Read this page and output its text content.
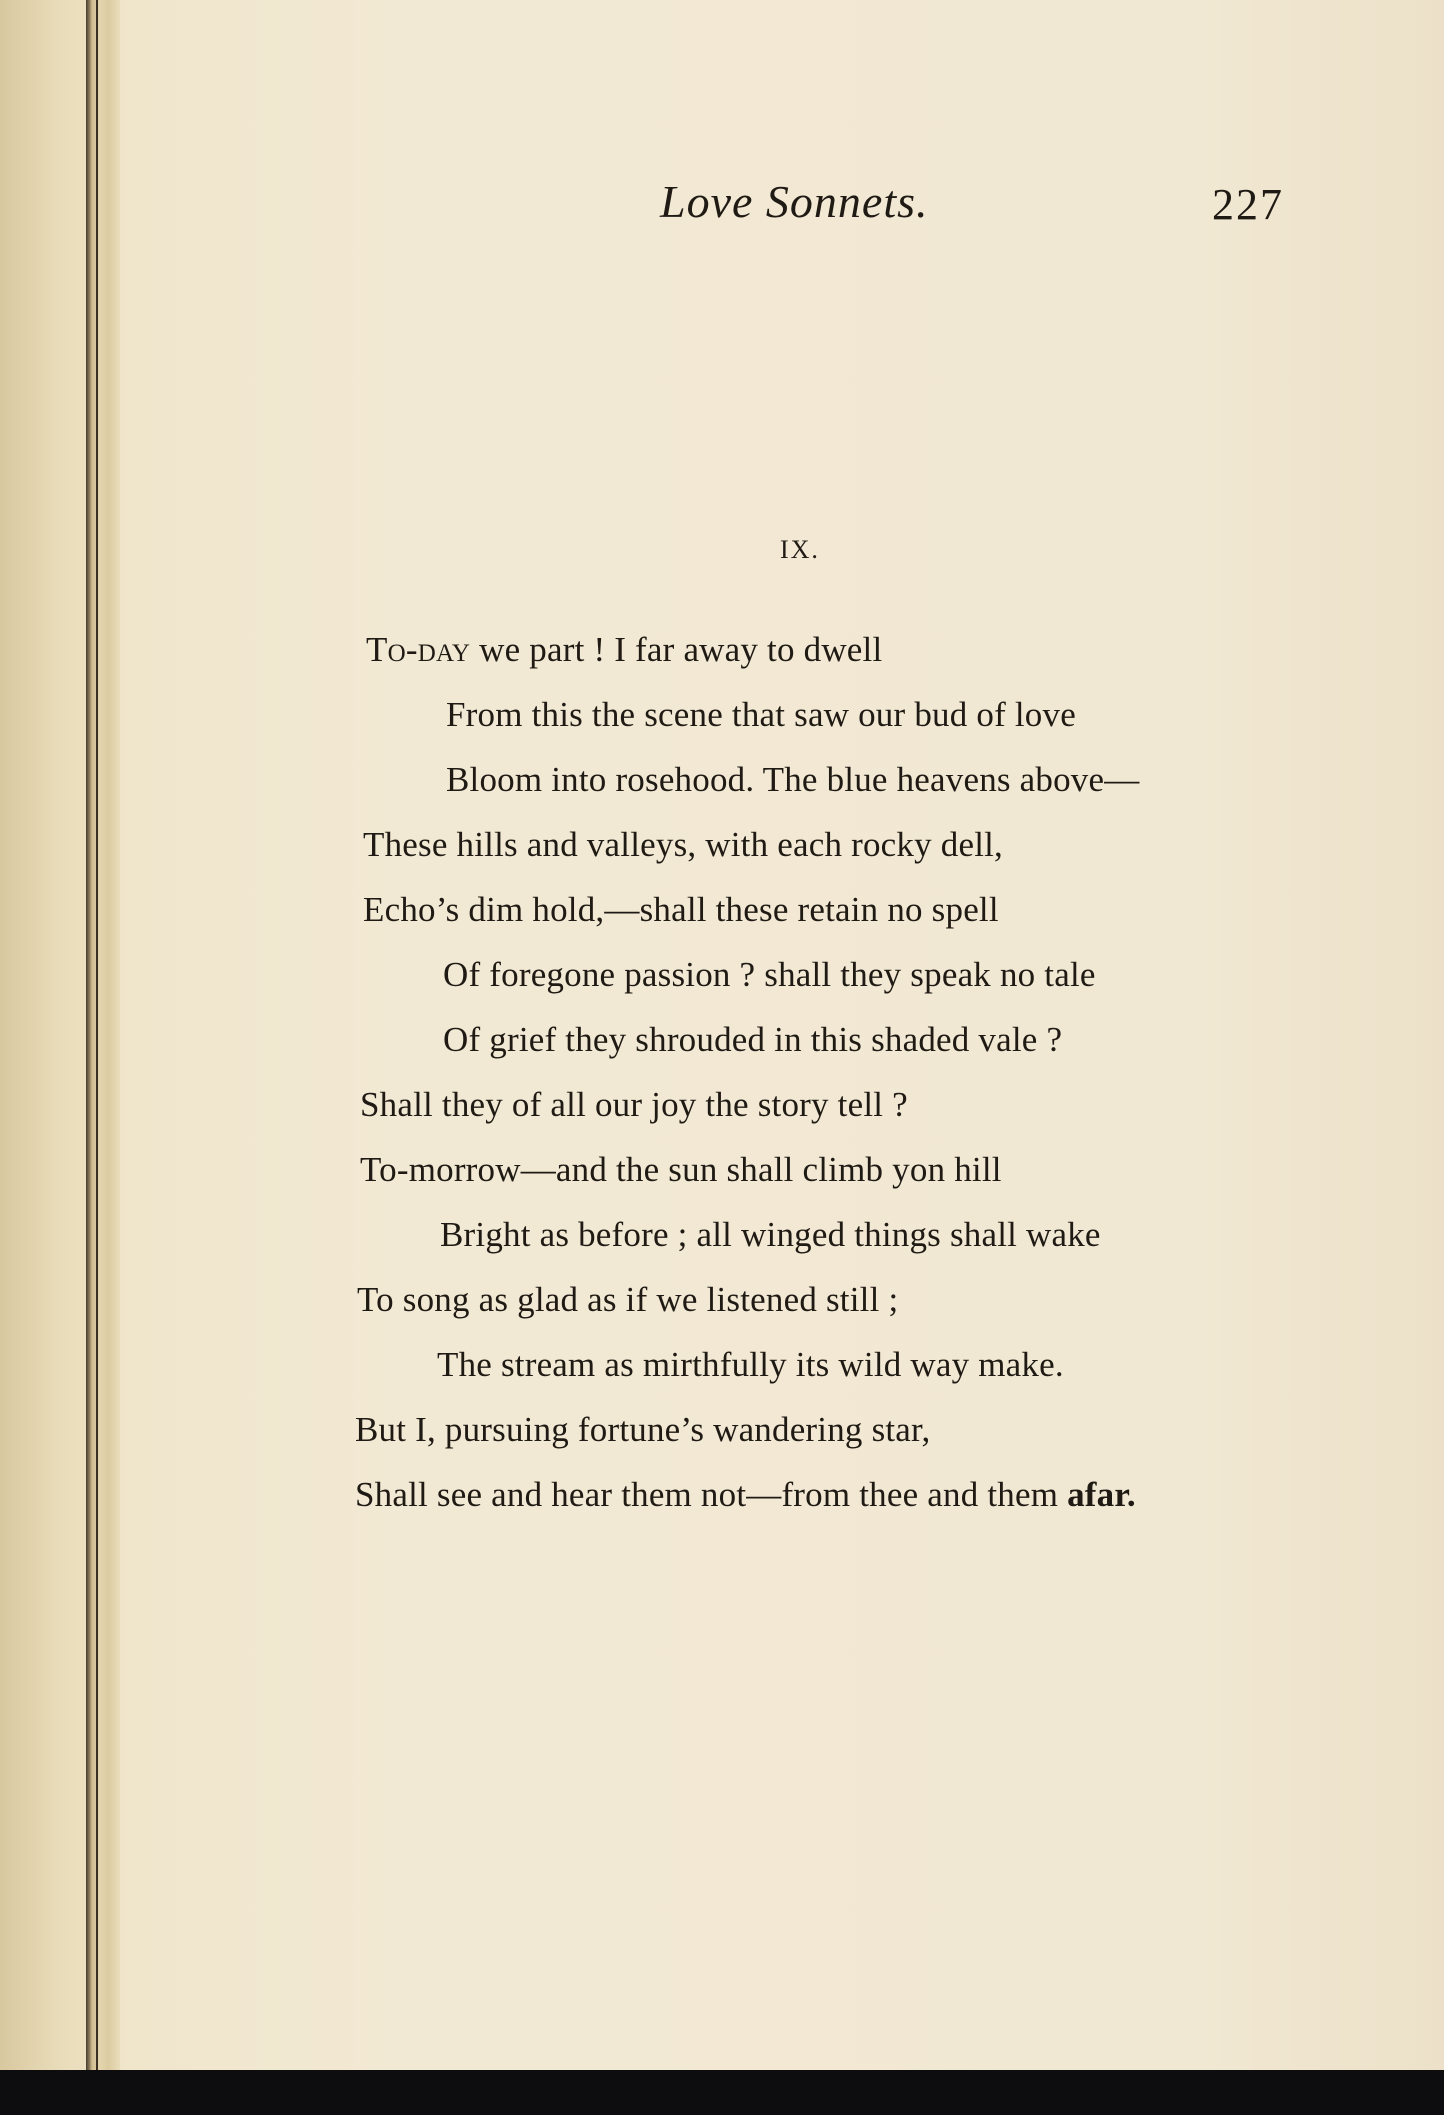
Love Sonnets.	227
IX.
To-day we part ! I far away to dwell
From this the scene that saw our bud of love
Bloom into rosehood. The blue heavens above—
These hills and valleys, with each rocky dell,
Echo’s dim hold,—shall these retain no spell
Of foregone passion ? shall they speak no tale
Of grief they shrouded in this shaded vale ?
Shall they of all our joy the story tell ?
To-morrow—and the sun shall climb yon hill
Bright as before ; all winged things shall wake
To song as glad as if we listened still ;
The stream as mirthfully its wild way make.
But I, pursuing fortune’s wandering star,
Shall see and hear them not—from thee and them afar.
